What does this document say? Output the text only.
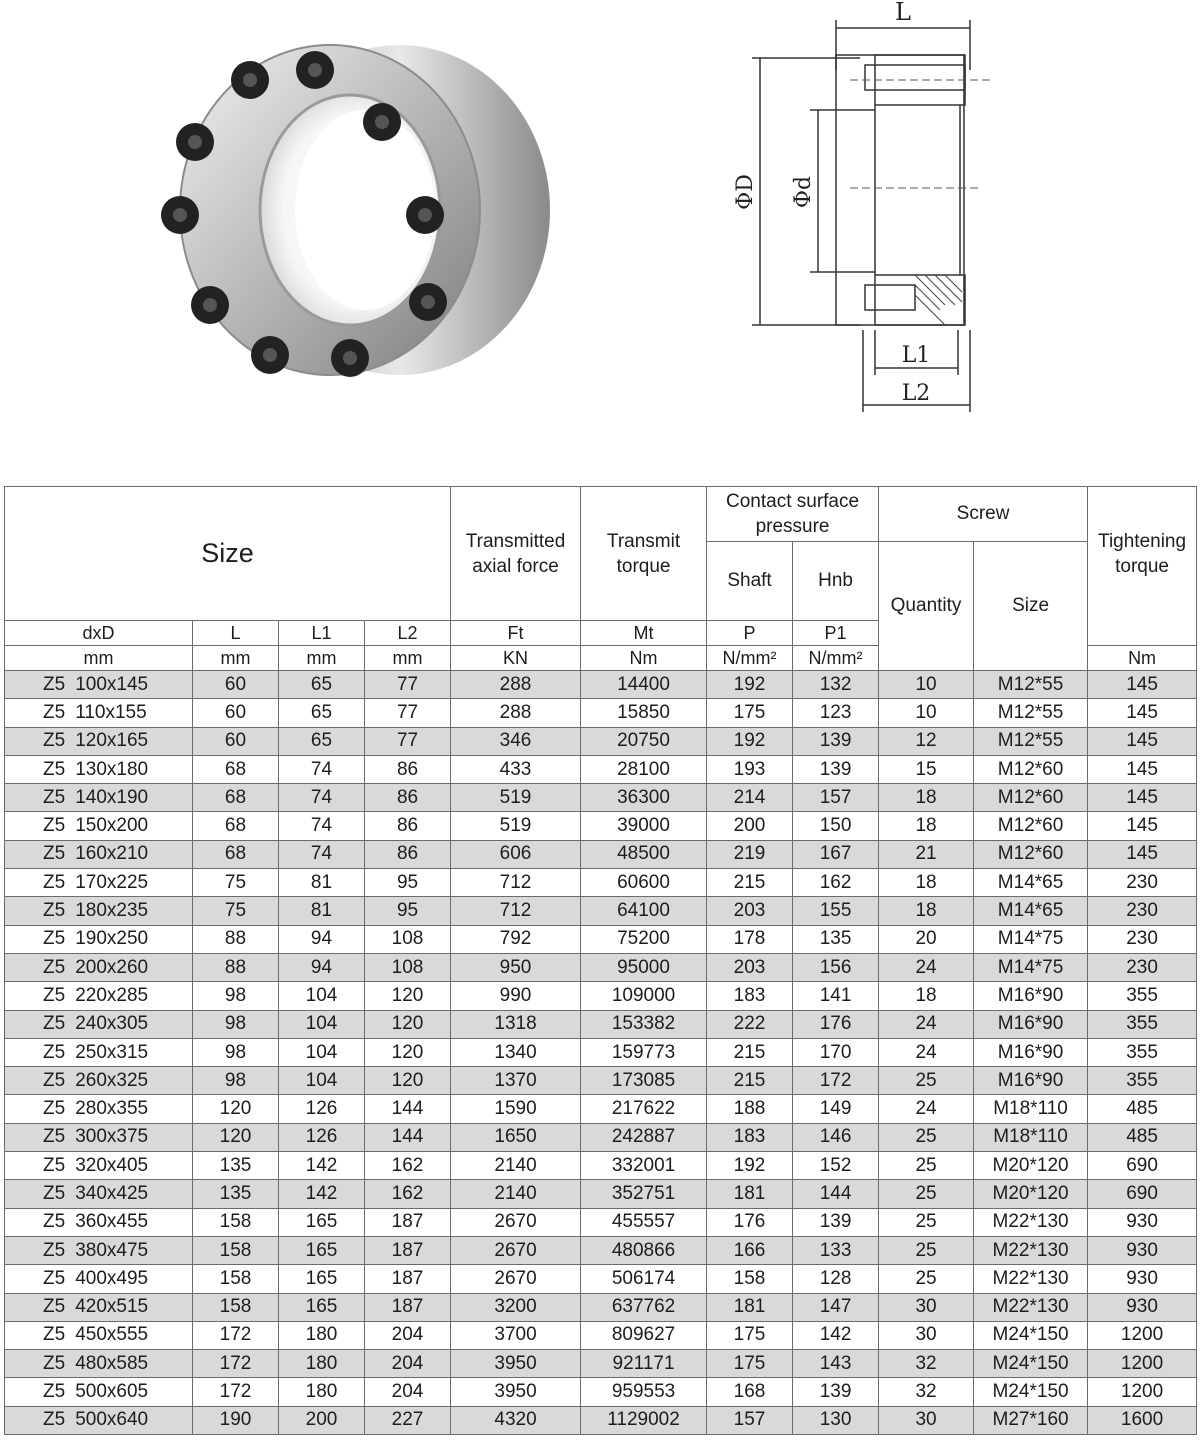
L
ΦD Φd
L1
L2
Size				Transmitted axial force	Transmit torque	Contact surface pressure		Screw		Tightening torque
						Shaft	Hnb	Quantity	Size	
dxD	L	L1	L2	Ft	Mt	P	P1			
mm	mm	mm	mm	KN	Nm	N/mm²	N/mm²			Nm
Z5 100x145	60	65	77	288	14400	192	132	10	M12*55	145
Z5 110x155	60	65	77	288	15850	175	123	10	M12*55	145
Z5 120x165	60	65	77	346	20750	192	139	12	M12*55	145
Z5 130x180	68	74	86	433	28100	193	139	15	M12*60	145
Z5 140x190	68	74	86	519	36300	214	157	18	M12*60	145
Z5 150x200	68	74	86	519	39000	200	150	18	M12*60	145
Z5 160x210	68	74	86	606	48500	219	167	21	M12*60	145
Z5 170x225	75	81	95	712	60600	215	162	18	M14*65	230
Z5 180x235	75	81	95	712	64100	203	155	18	M14*65	230
Z5 190x250	88	94	108	792	75200	178	135	20	M14*75	230
Z5 200x260	88	94	108	950	95000	203	156	24	M14*75	230
Z5 220x285	98	104	120	990	109000	183	141	18	M16*90	355
Z5 240x305	98	104	120	1318	153382	222	176	24	M16*90	355
Z5 250x315	98	104	120	1340	159773	215	170	24	M16*90	355
Z5 260x325	98	104	120	1370	173085	215	172	25	M16*90	355
Z5 280x355	120	126	144	1590	217622	188	149	24	M18*110	485
Z5 300x375	120	126	144	1650	242887	183	146	25	M18*110	485
Z5 320x405	135	142	162	2140	332001	192	152	25	M20*120	690
Z5 340x425	135	142	162	2140	352751	181	144	25	M20*120	690
Z5 360x455	158	165	187	2670	455557	176	139	25	M22*130	930
Z5 380x475	158	165	187	2670	480866	166	133	25	M22*130	930
Z5 400x495	158	165	187	2670	506174	158	128	25	M22*130	930
Z5 420x515	158	165	187	3200	637762	181	147	30	M22*130	930
Z5 450x555	172	180	204	3700	809627	175	142	30	M24*150	1200
Z5 480x585	172	180	204	3950	921171	175	143	32	M24*150	1200
Z5 500x605	172	180	204	3950	959553	168	139	32	M24*150	1200
Z5 500x640	190	200	227	4320	1129002	157	130	30	M27*160	1600
